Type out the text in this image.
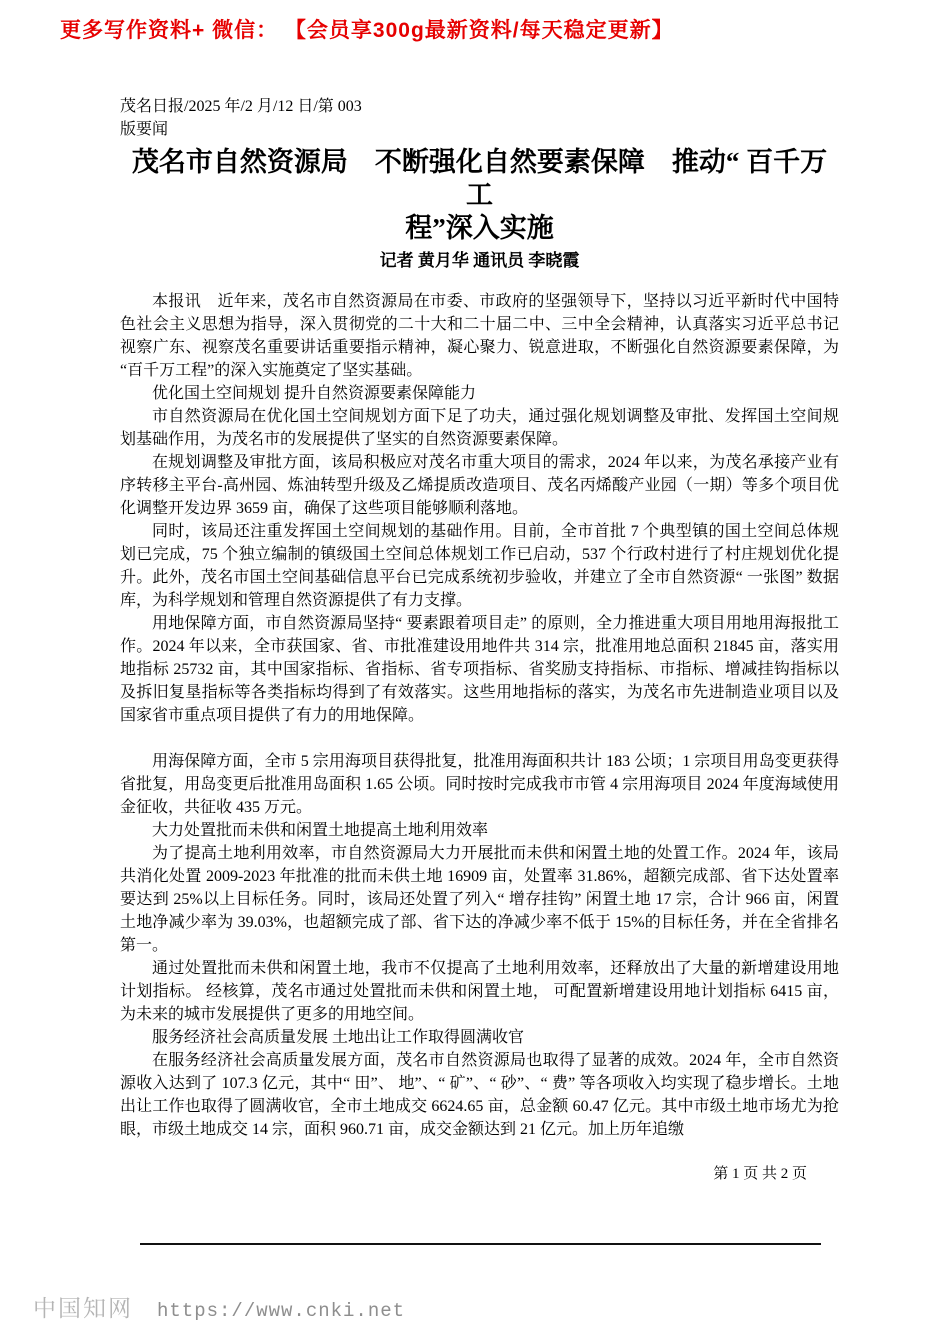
更多写作资料+ 微信： 【会员享300g最新资料/每天稳定更新】
茂名日报/2025 年/2 月/12 日/第 003
版要闻
茂名市自然资源局　不断强化自然要素保障　推动“ 百千万工
程”深入实施
记者 黄月华 通讯员 李晓霞

本报讯　近年来，茂名市自然资源局在市委、市政府的坚强领导下，坚持以习近平新时代中国特色社会主义思想为指导，深入贯彻党的二十大和二十届二中、三中全会精神，认真落实习近平总书记视察广东、视察茂名重要讲话重要指示精神，凝心聚力、锐意进取，不断强化自然资源要素保障，为“百千万工程”的深入实施奠定了坚实基础。

优化国土空间规划 提升自然资源要素保障能力

市自然资源局在优化国土空间规划方面下足了功夫，通过强化规划调整及审批、发挥国土空间规划基础作用，为茂名市的发展提供了坚实的自然资源要素保障。

在规划调整及审批方面，该局积极应对茂名市重大项目的需求，2024 年以来，为茂名承接产业有序转移主平台-高州园、炼油转型升级及乙烯提质改造项目、茂名丙烯酸产业园（一期）等多个项目优化调整开发边界 3659 亩，确保了这些项目能够顺利落地。

同时，该局还注重发挥国土空间规划的基础作用。目前，全市首批 7 个典型镇的国土空间总体规划已完成，75 个独立编制的镇级国土空间总体规划工作已启动，537 个行政村进行了村庄规划优化提升。此外，茂名市国土空间基础信息平台已完成系统初步验收，并建立了全市自然资源“ 一张图” 数据库，为科学规划和管理自然资源提供了有力支撑。

用地保障方面，市自然资源局坚持“ 要素跟着项目走” 的原则，全力推进重大项目用地用海报批工作。2024 年以来，全市获国家、省、市批准建设用地件共 314 宗，批准用地总面积 21845 亩，落实用地指标 25732 亩，其中国家指标、省指标、省专项指标、省奖励支持指标、市指标、增减挂钩指标以及拆旧复垦指标等各类指标均得到了有效落实。这些用地指标的落实，为茂名市先进制造业项目以及国家省市重点项目提供了有力的用地保障。

用海保障方面，全市 5 宗用海项目获得批复，批准用海面积共计 183 公顷；1 宗项目用岛变更获得省批复，用岛变更后批准用岛面积 1.65 公顷。同时按时完成我市市管 4 宗用海项目 2024 年度海域使用金征收，共征收 435 万元。

大力处置批而未供和闲置土地提高土地利用效率

为了提高土地利用效率，市自然资源局大力开展批而未供和闲置土地的处置工作。2024 年，该局共消化处置 2009-2023 年批准的批而未供土地 16909 亩，处置率 31.86%，超额完成部、省下达处置率要达到 25%以上目标任务。同时，该局还处置了列入“ 增存挂钩” 闲置土地 17 宗，合计 966 亩，闲置土地净减少率为 39.03%，也超额完成了部、省下达的净减少率不低于 15%的目标任务，并在全省排名第一。

通过处置批而未供和闲置土地，我市不仅提高了土地利用效率，还释放出了大量的新增建设用地计划指标。 经核算，茂名市通过处置批而未供和闲置土地， 可配置新增建设用地计划指标 6415 亩，为未来的城市发展提供了更多的用地空间。

服务经济社会高质量发展 土地出让工作取得圆满收官

在服务经济社会高质量发展方面，茂名市自然资源局也取得了显著的成效。2024 年，全市自然资源收入达到了 107.3 亿元，其中“ 田”、 地”、“ 矿”、“ 砂”、“ 费” 等各项收入均实现了稳步增长。土地出让工作也取得了圆满收官，全市土地成交 6624.65 亩，总金额 60.47 亿元。其中市级土地市场尤为抢眼，市级土地成交 14 宗，面积 960.71 亩，成交金额达到 21 亿元。加上历年追缴

第 1 页 共 2 页
中国知网 https://www.cnki.net
